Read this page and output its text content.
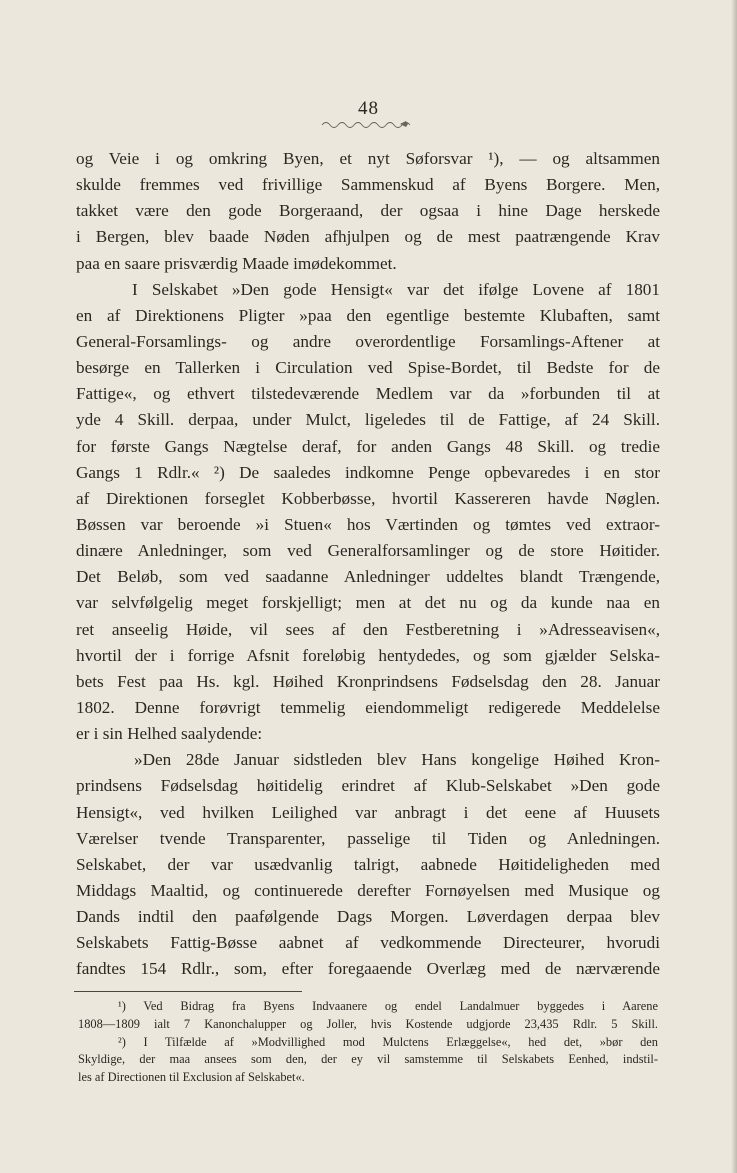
48
og Veie i og omkring Byen, et nyt Søforsvar ¹), — og altsammen
skulde fremmes ved frivillige Sammenskud af Byens Borgere. Men,
takket være den gode Borgeraand, der ogsaa i hine Dage herskede
i Bergen, blev baade Nøden afhjulpen og de mest paatrængende Krav
paa en saare prisværdig Maade imødekommet.
I Selskabet »Den gode Hensigt« var det ifølge Lovene af 1801
en af Direktionens Pligter »paa den egentlige bestemte Klubaften, samt
General-Forsamlings- og andre overordentlige Forsamlings-Aftener at
besørge en Tallerken i Circulation ved Spise-Bordet, til Bedste for de
Fattige«, og ethvert tilstedeværende Medlem var da »forbunden til at
yde 4 Skill. derpaa, under Mulct, ligeledes til de Fattige, af 24 Skill.
for første Gangs Nægtelse deraf, for anden Gangs 48 Skill. og tredie
Gangs 1 Rdlr.« ²) De saaledes indkomne Penge opbevaredes i en stor
af Direktionen forseglet Kobberbøsse, hvortil Kassereren havde Nøglen.
Bøssen var beroende »i Stuen« hos Værtinden og tømtes ved extraor-
dinære Anledninger, som ved Generalforsamlinger og de store Høitider.
Det Beløb, som ved saadanne Anledninger uddeltes blandt Trængende,
var selvfølgelig meget forskjelligt; men at det nu og da kunde naa en
ret anseelig Høide, vil sees af den Festberetning i »Adresseavisen«,
hvortil der i forrige Afsnit foreløbig hentydedes, og som gjælder Selska-
bets Fest paa Hs. kgl. Høihed Kronprindsens Fødselsdag den 28. Januar
1802. Denne forøvrigt temmelig eiendommeligt redigerede Meddelelse
er i sin Helhed saalydende:
»Den 28de Januar sidstleden blev Hans kongelige Høihed Kron-
prindsens Fødselsdag høitidelig erindret af Klub-Selskabet »Den gode
Hensigt«, ved hvilken Leilighed var anbragt i det eene af Huusets
Værelser tvende Transparenter, passelige til Tiden og Anledningen.
Selskabet, der var usædvanlig talrigt, aabnede Høitideligheden med
Middags Maaltid, og continuerede derefter Fornøyelsen med Musique og
Dands indtil den paafølgende Dags Morgen. Løverdagen derpaa blev
Selskabets Fattig-Bøsse aabnet af vedkommende Directeurer, hvorudi
fandtes 154 Rdlr., som, efter foregaaende Overlæg med de nærværende
¹) Ved Bidrag fra Byens Indvaanere og endel Landalmuer byggedes i Aarene
1808—1809 ialt 7 Kanonchalupper og Joller, hvis Kostende udgjorde 23,435 Rdlr. 5 Skill.
²) I Tilfælde af »Modvillighed mod Mulctens Erlæggelse«, hed det, »bør den
Skyldige, der maa ansees som den, der ey vil samstemme til Selskabets Eenhed, indstil-
les af Directionen til Exclusion af Selskabet«.
